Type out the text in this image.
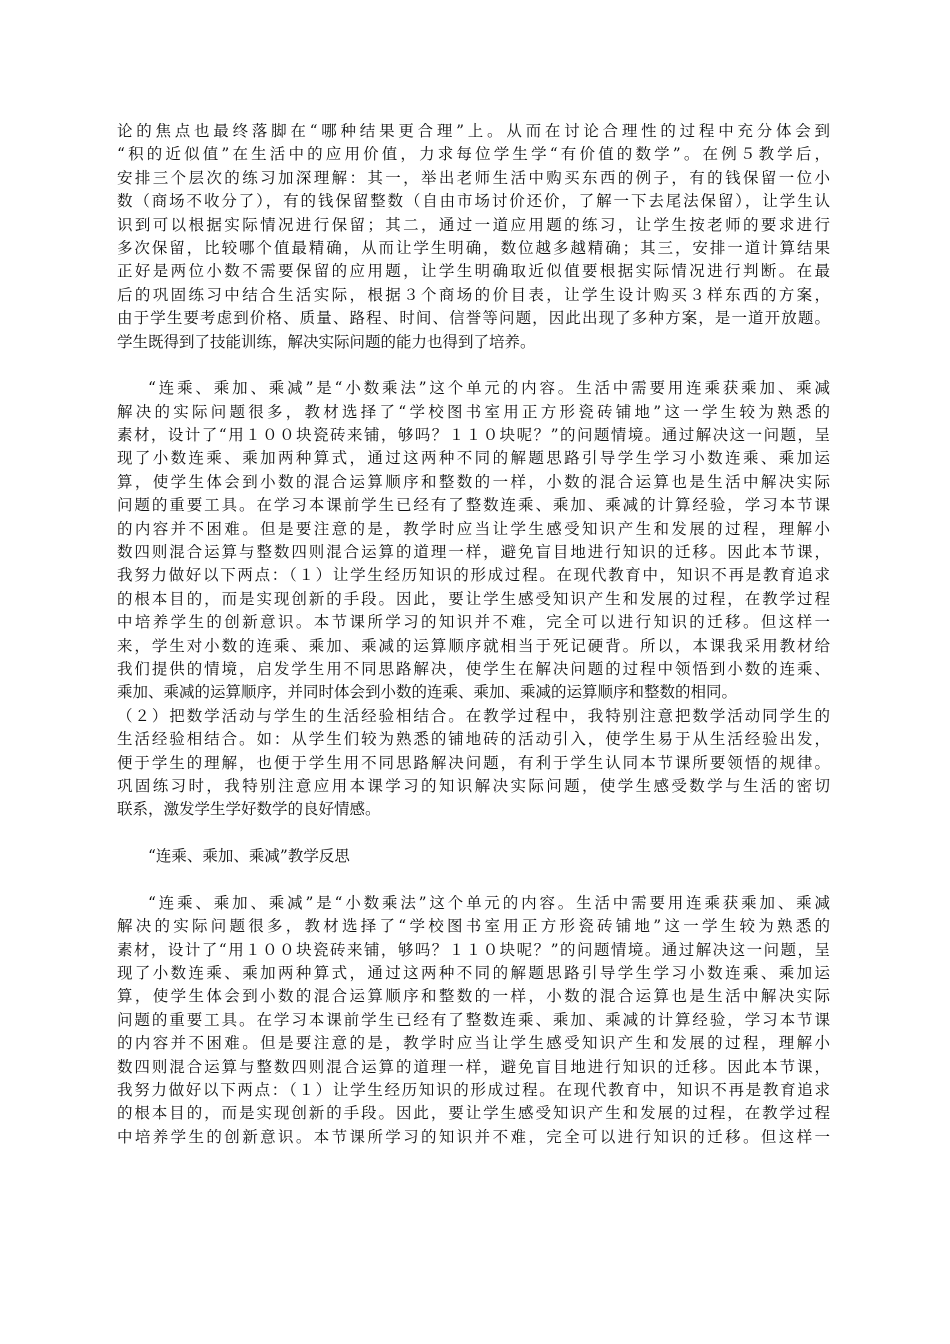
论的焦点也最终落脚在“哪种结果更合理”上。从而在讨论合理性的过程中充分体会到
“积的近似值”在生活中的应用价值，力求每位学生学“有价值的数学”。在例５教学后，
安排三个层次的练习加深理解：其一，举出老师生活中购买东西的例子，有的钱保留一位小
数（商场不收分了），有的钱保留整数（自由市场讨价还价，了解一下去尾法保留），让学生认
识到可以根据实际情况进行保留；其二，通过一道应用题的练习，让学生按老师的要求进行
多次保留，比较哪个值最精确，从而让学生明确，数位越多越精确；其三，安排一道计算结果
正好是两位小数不需要保留的应用题，让学生明确取近似值要根据实际情况进行判断。在最
后的巩固练习中结合生活实际，根据３个商场的价目表，让学生设计购买３样东西的方案，
由于学生要考虑到价格、质量、路程、时间、信誉等问题，因此出现了多种方案，是一道开放题。
学生既得到了技能训练，解决实际问题的能力也得到了培养。
“连乘、乘加、乘减”是“小数乘法”这个单元的内容。生活中需要用连乘获乘加、乘减
解决的实际问题很多，教材选择了“学校图书室用正方形瓷砖铺地”这一学生较为熟悉的
素材，设计了“用１００块瓷砖来铺，够吗？１１０块呢？”的问题情境。通过解决这一问题，呈
现了小数连乘、乘加两种算式，通过这两种不同的解题思路引导学生学习小数连乘、乘加运
算，使学生体会到小数的混合运算顺序和整数的一样，小数的混合运算也是生活中解决实际
问题的重要工具。在学习本课前学生已经有了整数连乘、乘加、乘减的计算经验，学习本节课
的内容并不困难。但是要注意的是，教学时应当让学生感受知识产生和发展的过程，理解小
数四则混合运算与整数四则混合运算的道理一样，避免盲目地进行知识的迁移。因此本节课，
我努力做好以下两点：（１）让学生经历知识的形成过程。在现代教育中，知识不再是教育追求
的根本目的，而是实现创新的手段。因此，要让学生感受知识产生和发展的过程，在教学过程
中培养学生的创新意识。本节课所学习的知识并不难，完全可以进行知识的迁移。但这样一
来，学生对小数的连乘、乘加、乘减的运算顺序就相当于死记硬背。所以，本课我采用教材给
我们提供的情境，启发学生用不同思路解决，使学生在解决问题的过程中领悟到小数的连乘、
乘加、乘减的运算顺序，并同时体会到小数的连乘、乘加、乘减的运算顺序和整数的相同。
（２）把数学活动与学生的生活经验相结合。在教学过程中，我特别注意把数学活动同学生的
生活经验相结合。如：从学生们较为熟悉的铺地砖的活动引入，使学生易于从生活经验出发，
便于学生的理解，也便于学生用不同思路解决问题，有利于学生认同本节课所要领悟的规律。
巩固练习时，我特别注意应用本课学习的知识解决实际问题，使学生感受数学与生活的密切
联系，激发学生学好数学的良好情感。
“连乘、乘加、乘减”教学反思
“连乘、乘加、乘减”是“小数乘法”这个单元的内容。生活中需要用连乘获乘加、乘减
解决的实际问题很多，教材选择了“学校图书室用正方形瓷砖铺地”这一学生较为熟悉的
素材，设计了“用１００块瓷砖来铺，够吗？１１０块呢？”的问题情境。通过解决这一问题，呈
现了小数连乘、乘加两种算式，通过这两种不同的解题思路引导学生学习小数连乘、乘加运
算，使学生体会到小数的混合运算顺序和整数的一样，小数的混合运算也是生活中解决实际
问题的重要工具。在学习本课前学生已经有了整数连乘、乘加、乘减的计算经验，学习本节课
的内容并不困难。但是要注意的是，教学时应当让学生感受知识产生和发展的过程，理解小
数四则混合运算与整数四则混合运算的道理一样，避免盲目地进行知识的迁移。因此本节课，
我努力做好以下两点：（１）让学生经历知识的形成过程。在现代教育中，知识不再是教育追求
的根本目的，而是实现创新的手段。因此，要让学生感受知识产生和发展的过程，在教学过程
中培养学生的创新意识。本节课所学习的知识并不难，完全可以进行知识的迁移。但这样一
